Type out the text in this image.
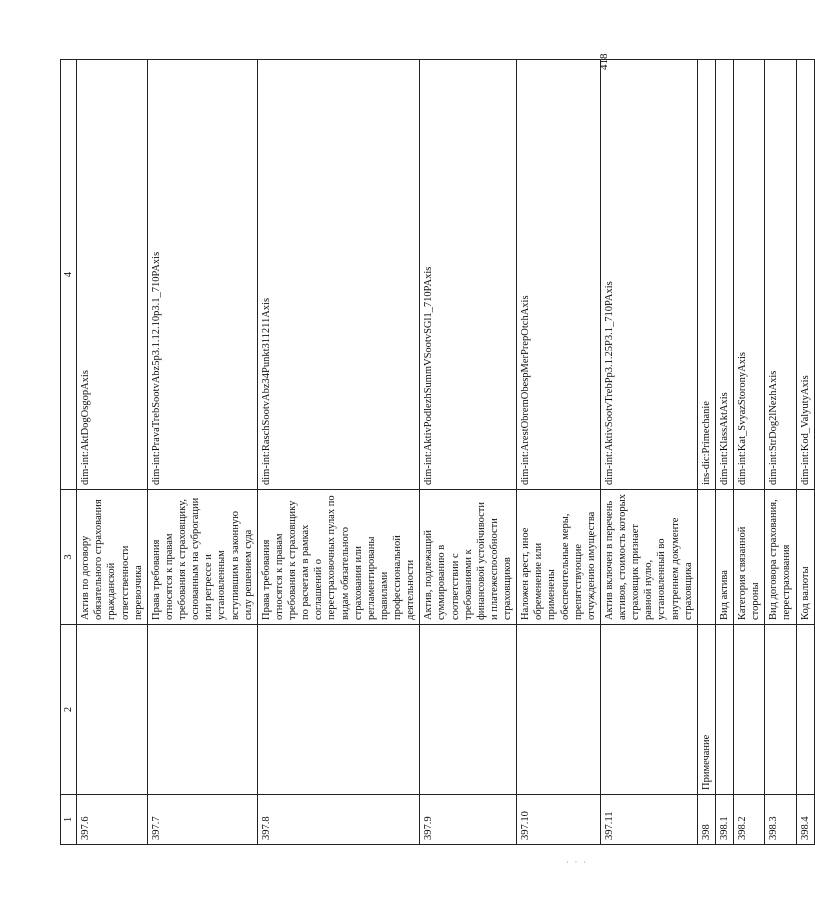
1	2	3	4
397.6		Актив по договору обязательного страхования гражданской ответственности перевозчика	dim-int:AktDogOsgopAxis
397.7		Права требования относятся к правам требования к страховщику, основанным на суброгации или регрессе и установленным вступившим в законную силу решением суда	dim-int:PravaTrebSootvAbz5p3.1.12.10p3.1_710PAxis
397.8		Права требования относятся к правам требования к страховщику по расчетам в рамках соглашений о перестраховочных пулах по видам обязательного страхования или регламентированы правилами профессиональной деятельности	dim-int:RaschSootvAbz34Punkt311211Axis
397.9		Актив, подлежащий суммированию в соответствии с требованиями к финансовой устойчивости и платежеспособности страховщиков	dim-int:AktivPodlezhSummVSootvSGl1_710PAxis
397.10		Наложен арест, иное обременение или применены обеспечительные меры, препятствующие отчуждению имущества	dim-int:ArestObremObespMerPrepOtchAxis
397.11		Актив включен в перечень активов, стоимость которых страховщик признает равной нулю, установленный во внутреннем документе страховщика	dim-int:AktivSootvTrebPp3.1.25P3.1_710PAxis
398	Примечание		ins-dic:Primechanie
398.1		Вид актива	dim-int:KlassAktAxis
398.2		Категория связанной стороны	dim-int:Kat_SvyazStoronyAxis
398.3		Вид договора страхования, перестрахования	dim-int:StrDog2lNezhAxis
398.4		Код валюты	dim-int:Kod_ValyutyAxis
418
· · ·
